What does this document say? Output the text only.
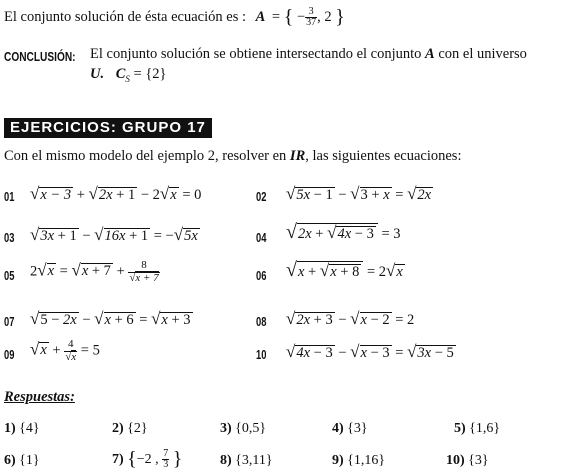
El conjunto solución de ésta ecuación es : A = { − $\frac{3}{37}$ , 2 }
CONCLUSIÓN: El conjunto solución se obtiene intersectando el conjunto A con el universo
U. $C_S = \{2\}$
EJERCICIOS: GRUPO 17
Con el mismo modelo del ejemplo 2, resolver en IR, las siguientes ecuaciones:
01 √x − 3 + √2x + 1 − 2√x = 0	02 √5x − 1 − √3 + x = √2x
03 √3x + 1 − √16x + 1 = −√5x	04 √2x + √4x − 3 = 3
05 $2√x = √x + 7 + \frac{8}{√x + 7}$	06 √x + √x + 8 = 2√x
07 √5 − 2x − √x + 6 = √x + 3	08 √2x + 3 − √x − 2 = 2
09 $√x + \frac{4}{√x} = 5$	10 √4x − 3 − √x − 3 = √3x − 5
Respuestas:
1) {4}	2) {2}	3) {0,5}	4) {3}	5) {1,6}
6) {1}	7) {−2 , $\frac{7}{3}$ }	8) {3,11}	9) {1,16}	10) {3}
